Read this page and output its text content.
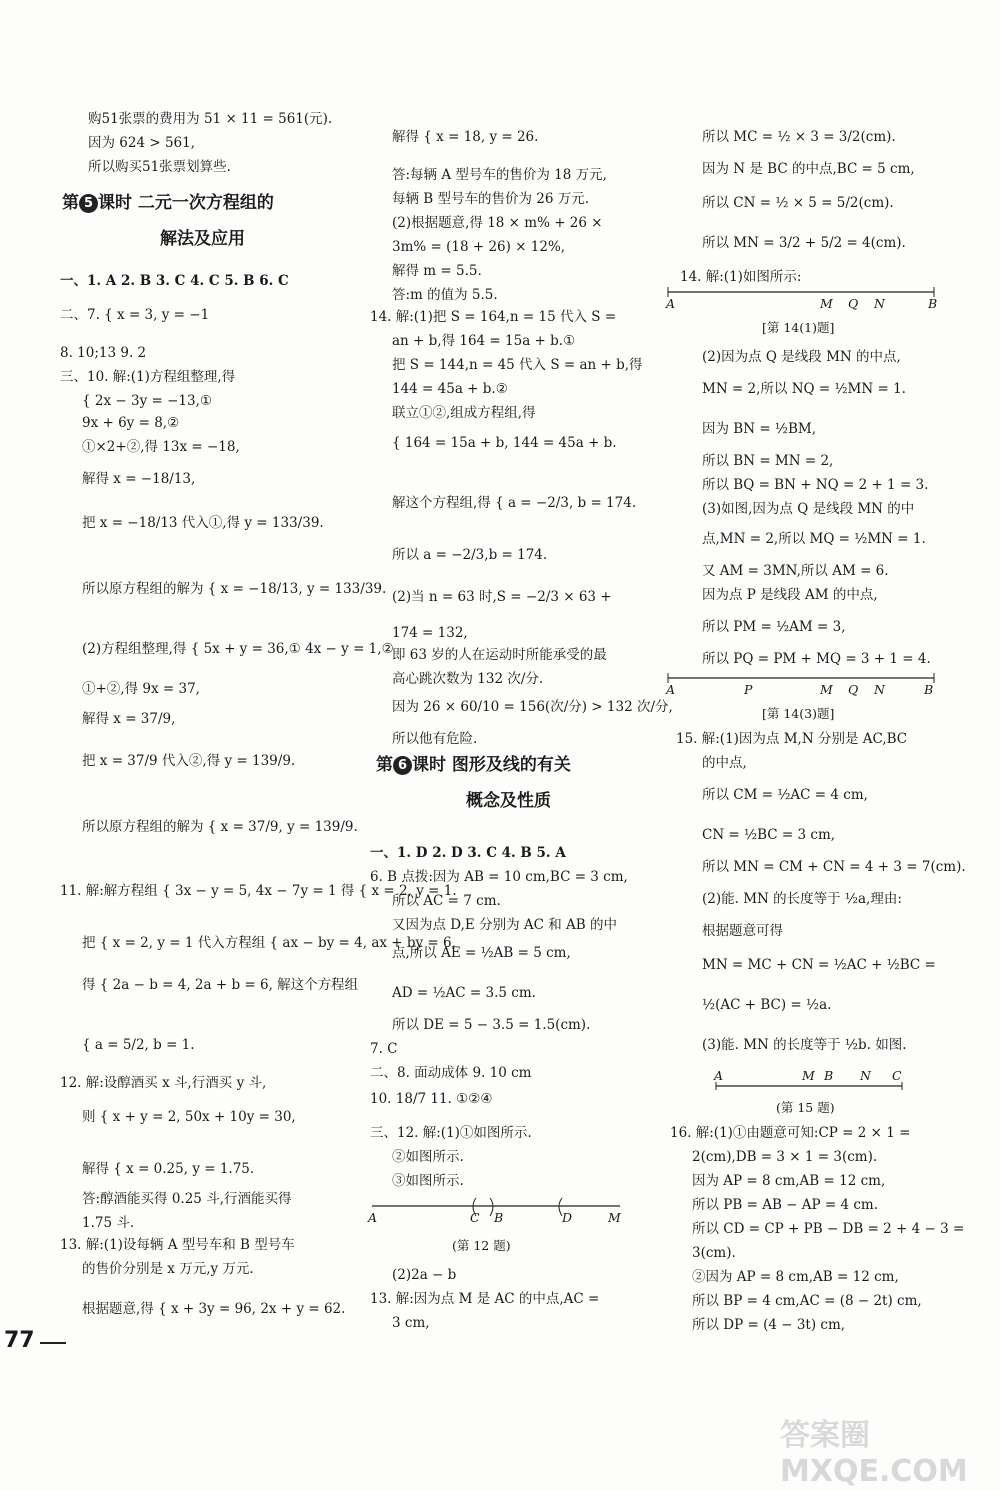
第 5 课时 二元一次方程组的
解法及应用
第 6 课时 图形及线的有关
概念及性质
购51张票的费用为 51 × 11 = 561(元).
因为 624 > 561,
所以购买51张票划算些.
一、1. A 2. B 3. C 4. C 5. B 6. C
二、7. { x = 3, y = −1
8. 10;13 9. 2
三、10. 解:(1)方程组整理,得
{ 2x − 3y = −13,①
9x + 6y = 8,②
①×2+②,得 13x = −18,
解得 x = −18/13,
把 x = −18/13 代入①,得 y = 133/39.
所以原方程组的解为 { x = −18/13, y = 133/39.
(2)方程组整理,得 { 5x + y = 36,① 4x − y = 1,②
①+②,得 9x = 37,
解得 x = 37/9,
把 x = 37/9 代入②,得 y = 139/9.
所以原方程组的解为 { x = 37/9, y = 139/9.
11. 解:解方程组 { 3x − y = 5, 4x − 7y = 1 得 { x = 2, y = 1.
把 { x = 2, y = 1 代入方程组 { ax − by = 4, ax + by = 6,
得 { 2a − b = 4, 2a + b = 6, 解这个方程组
{ a = 5/2, b = 1.
12. 解:设醇酒买 x 斗,行酒买 y 斗,
则 { x + y = 2, 50x + 10y = 30,
解得 { x = 0.25, y = 1.75.
答:醇酒能买得 0.25 斗,行酒能买得
1.75 斗.
13. 解:(1)设每辆 A 型号车和 B 型号车
的售价分别是 x 万元,y 万元.
根据题意,得 { x + 3y = 96, 2x + y = 62.
解得 { x = 18, y = 26.
答:每辆 A 型号车的售价为 18 万元,
每辆 B 型号车的售价为 26 万元.
(2)根据题意,得 18 × m% + 26 ×
3m% = (18 + 26) × 12%,
解得 m = 5.5.
答:m 的值为 5.5.
14. 解:(1)把 S = 164,n = 15 代入 S =
an + b,得 164 = 15a + b.①
把 S = 144,n = 45 代入 S = an + b,得
144 = 45a + b.②
联立①②,组成方程组,得
{ 164 = 15a + b, 144 = 45a + b.
解这个方程组,得 { a = −2/3, b = 174.
所以 a = −2/3,b = 174.
(2)当 n = 63 时,S = −2/3 × 63 +
174 = 132,
即 63 岁的人在运动时所能承受的最
高心跳次数为 132 次/分.
因为 26 × 60/10 = 156(次/分) > 132 次/分,
所以他有危险.
一、1. D 2. D 3. C 4. B 5. A
6. B 点拨:因为 AB = 10 cm,BC = 3 cm,
所以 AC = 7 cm.
又因为点 D,E 分别为 AC 和 AB 的中
点,所以 AE = ½AB = 5 cm,
AD = ½AC = 3.5 cm.
所以 DE = 5 − 3.5 = 1.5(cm).
7. C
二、8. 面动成体 9. 10 cm
10. 18/7 11. ①②④
三、12. 解:(1)①如图所示.
②如图所示.
③如图所示.
(2)2a − b
13. 解:因为点 M 是 AC 的中点,AC =
3 cm,
所以 MC = ½ × 3 = 3/2(cm).
因为 N 是 BC 的中点,BC = 5 cm,
所以 CN = ½ × 5 = 5/2(cm).
所以 MN = 3/2 + 5/2 = 4(cm).
14. 解:(1)如图所示:
(2)因为点 Q 是线段 MN 的中点,
MN = 2,所以 NQ = ½MN = 1.
因为 BN = ½BM,
所以 BN = MN = 2,
所以 BQ = BN + NQ = 2 + 1 = 3.
(3)如图,因为点 Q 是线段 MN 的中
点,MN = 2,所以 MQ = ½MN = 1.
又 AM = 3MN,所以 AM = 6.
因为点 P 是线段 AM 的中点,
所以 PM = ½AM = 3,
所以 PQ = PM + MQ = 3 + 1 = 4.
15. 解:(1)因为点 M,N 分别是 AC,BC
的中点,
所以 CM = ½AC = 4 cm,
CN = ½BC = 3 cm,
所以 MN = CM + CN = 4 + 3 = 7(cm).
(2)能. MN 的长度等于 ½a,理由:
根据题意可得
MN = MC + CN = ½AC + ½BC =
½(AC + BC) = ½a.
(3)能. MN 的长度等于 ½b. 如图.
16. 解:(1)①由题意可知:CP = 2 × 1 =
2(cm),DB = 3 × 1 = 3(cm).
因为 AP = 8 cm,AB = 12 cm,
所以 PB = AB − AP = 4 cm.
所以 CD = CP + PB − DB = 2 + 4 − 3 =
3(cm).
②因为 AP = 8 cm,AB = 12 cm,
所以 BP = 4 cm,AC = (8 − 2t) cm,
所以 DP = (4 − 3t) cm,
A	C B	D	M
(第 12 题)
A	M Q N	B
[第 14(1)题]
A	P	M Q N	B
[第 14(3)题]
A	M B N C
(第 15 题)
77
答案圈 MXQE.COM
